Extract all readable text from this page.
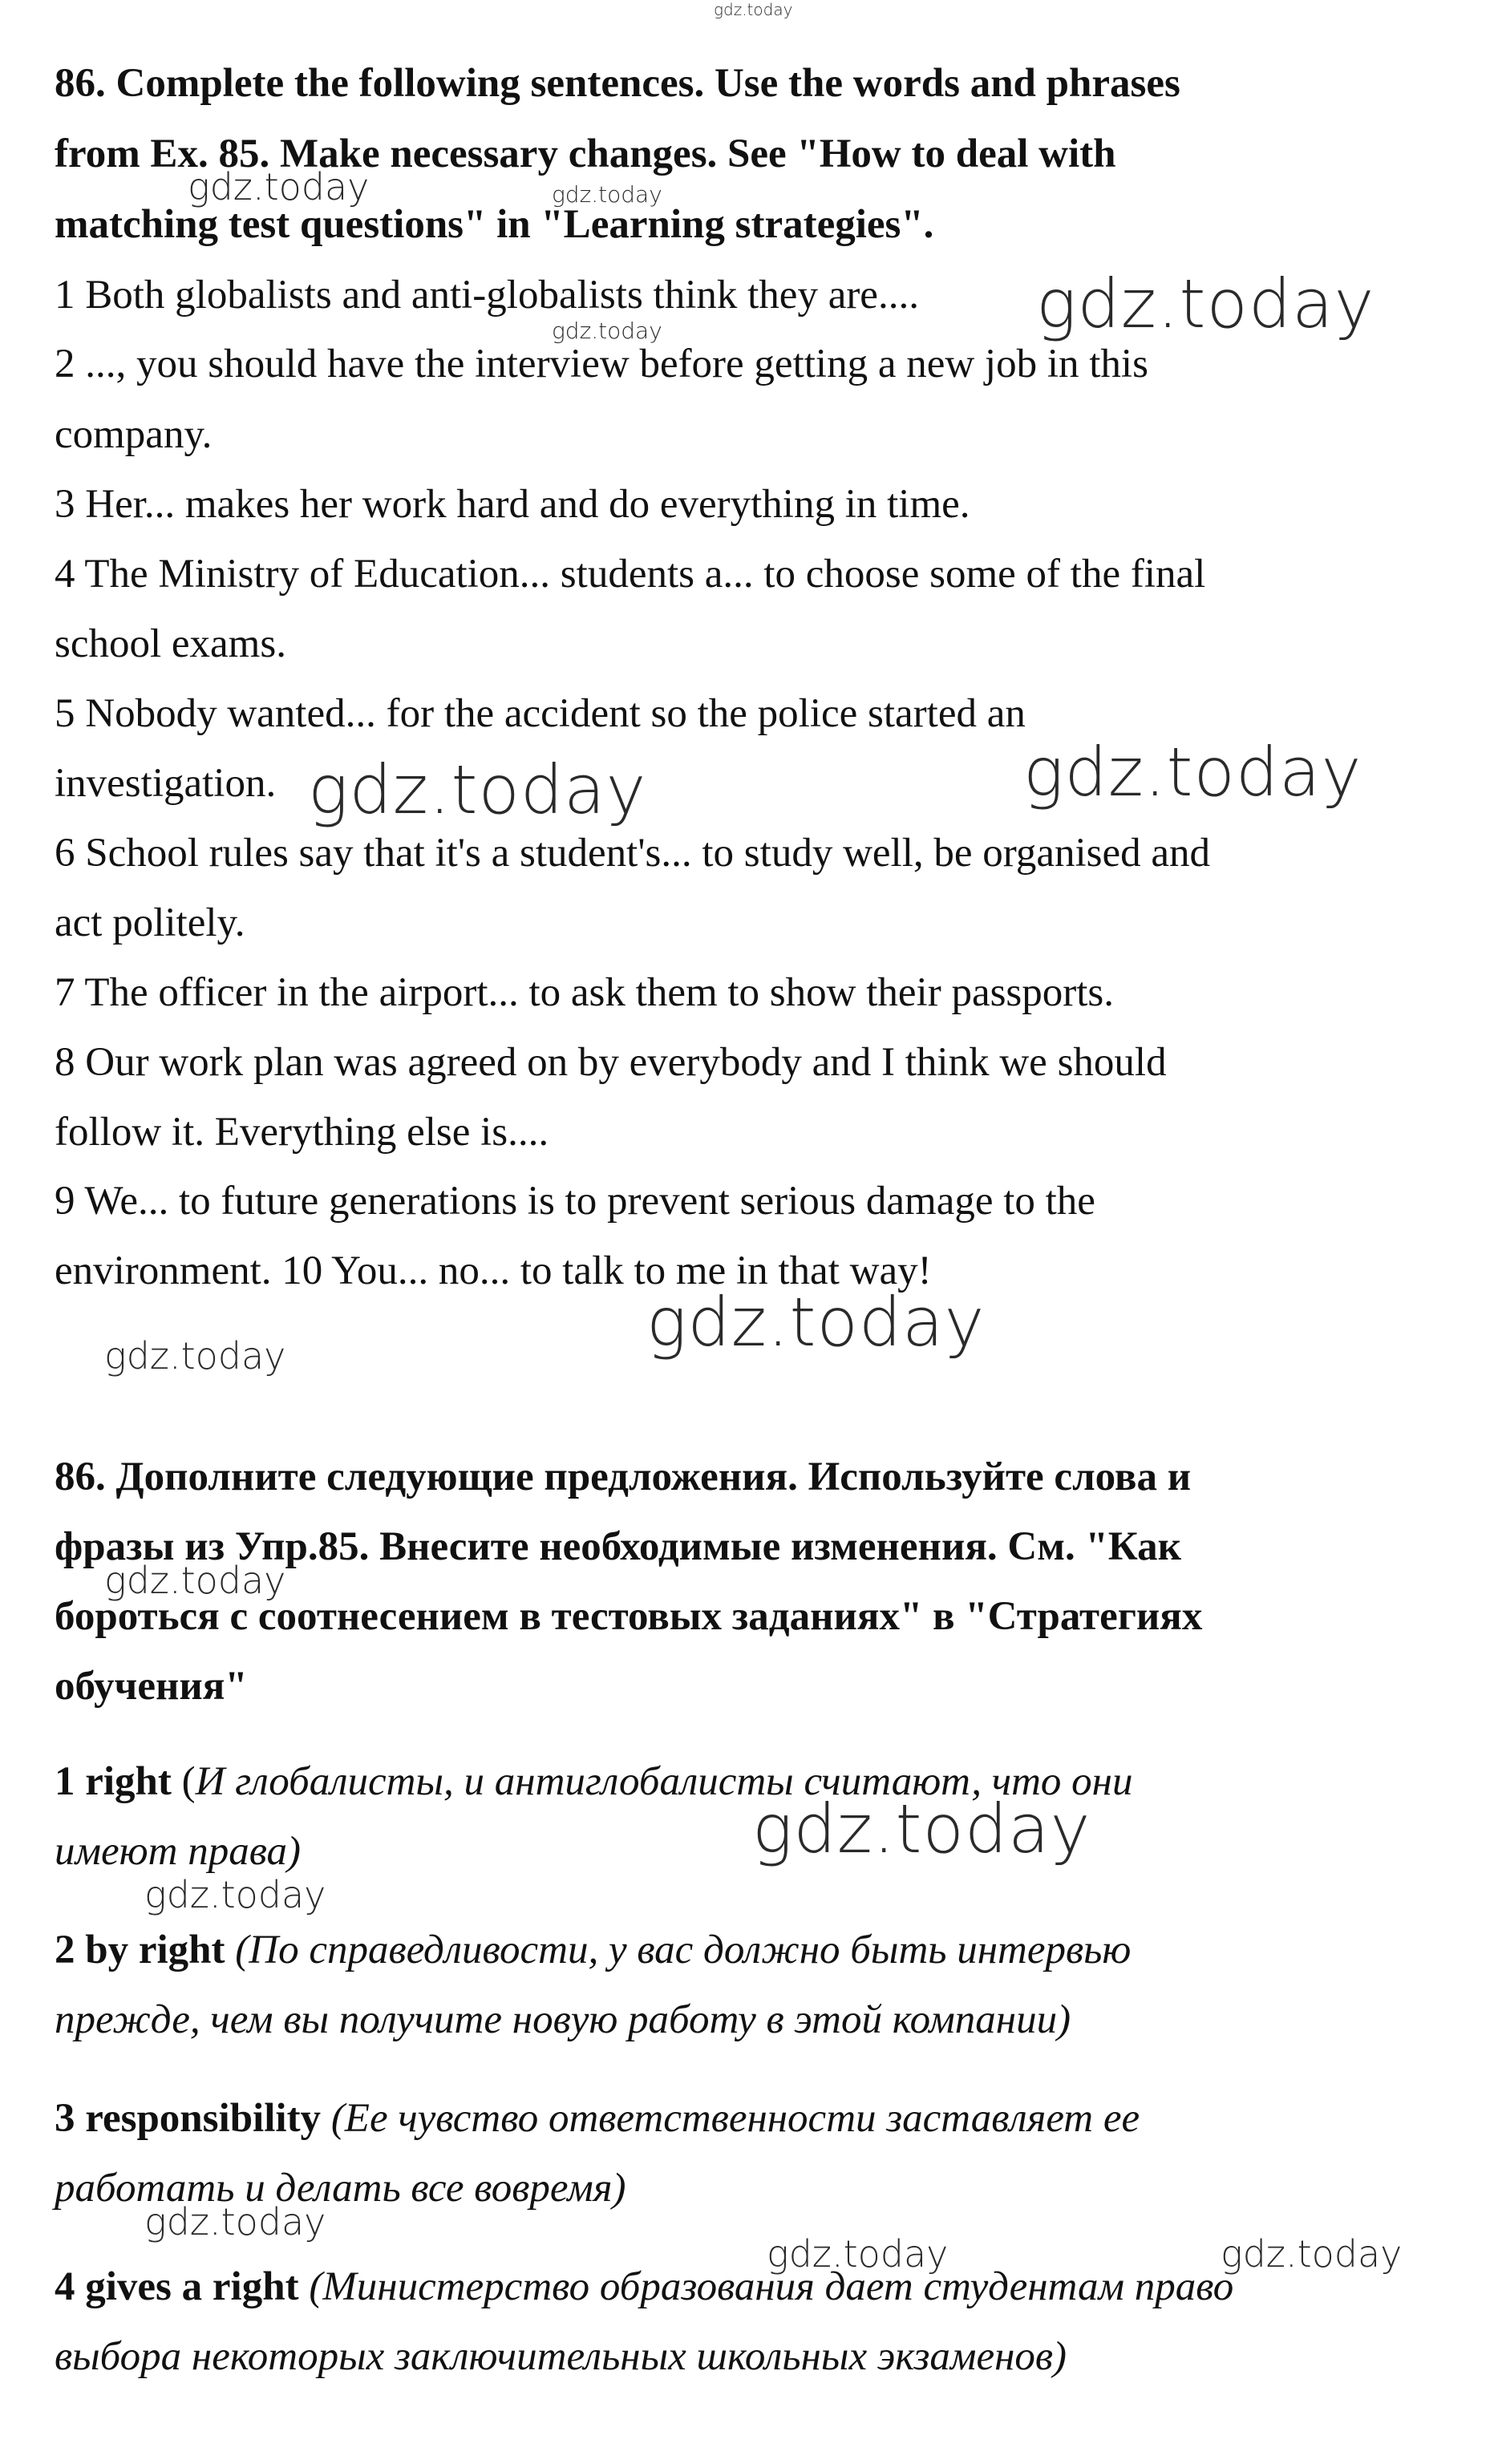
86. Complete the following sentences. Use the words and phrases

from Ex. 85. Make necessary changes. See "How to deal with

matching test questions" in "Learning strategies".

1 Both globalists and anti-globalists think they are....

2 ..., you should have the interview before getting a new job in this

company.

3 Her... makes her work hard and do everything in time.

4 The Ministry of Education... students a... to choose some of the final

school exams.

5 Nobody wanted... for the accident so the police started an

investigation.

6 School rules say that it's a student's... to study well, be organised and

act politely.

7 The officer in the airport... to ask them to show their passports.

8 Our work plan was agreed on by everybody and I think we should

follow it. Everything else is....

9 We... to future generations is to prevent serious damage to the

environment. 10 You... no... to talk to me in that way!

86. Дополните следующие предложения. Используйте слова и

фразы из Упр.85. Внесите необходимые изменения. См. "Как

бороться с соотнесением в тестовых заданиях" в "Стратегиях

обучения"

1 right (И глобалисты, и антиглобалисты считают, что они

имеют права)

2 by right (По справедливости, у вас должно быть интервью

прежде, чем вы получите новую работу в этой компании)

3 responsibility (Ее чувство ответственности заставляет ее

работать и делать все вовремя)

4 gives a right (Министерство образования дает студентам право

выбора некоторых заключительных школьных экзаменов)

gdz.today
gdz.today	gdz.today
gdz.today
gdz.today
gdz.today	gdz.today
gdz.today
gdz.today
gdz.today
gdz.today
gdz.today
gdz.today
gdz.today	gdz.today
